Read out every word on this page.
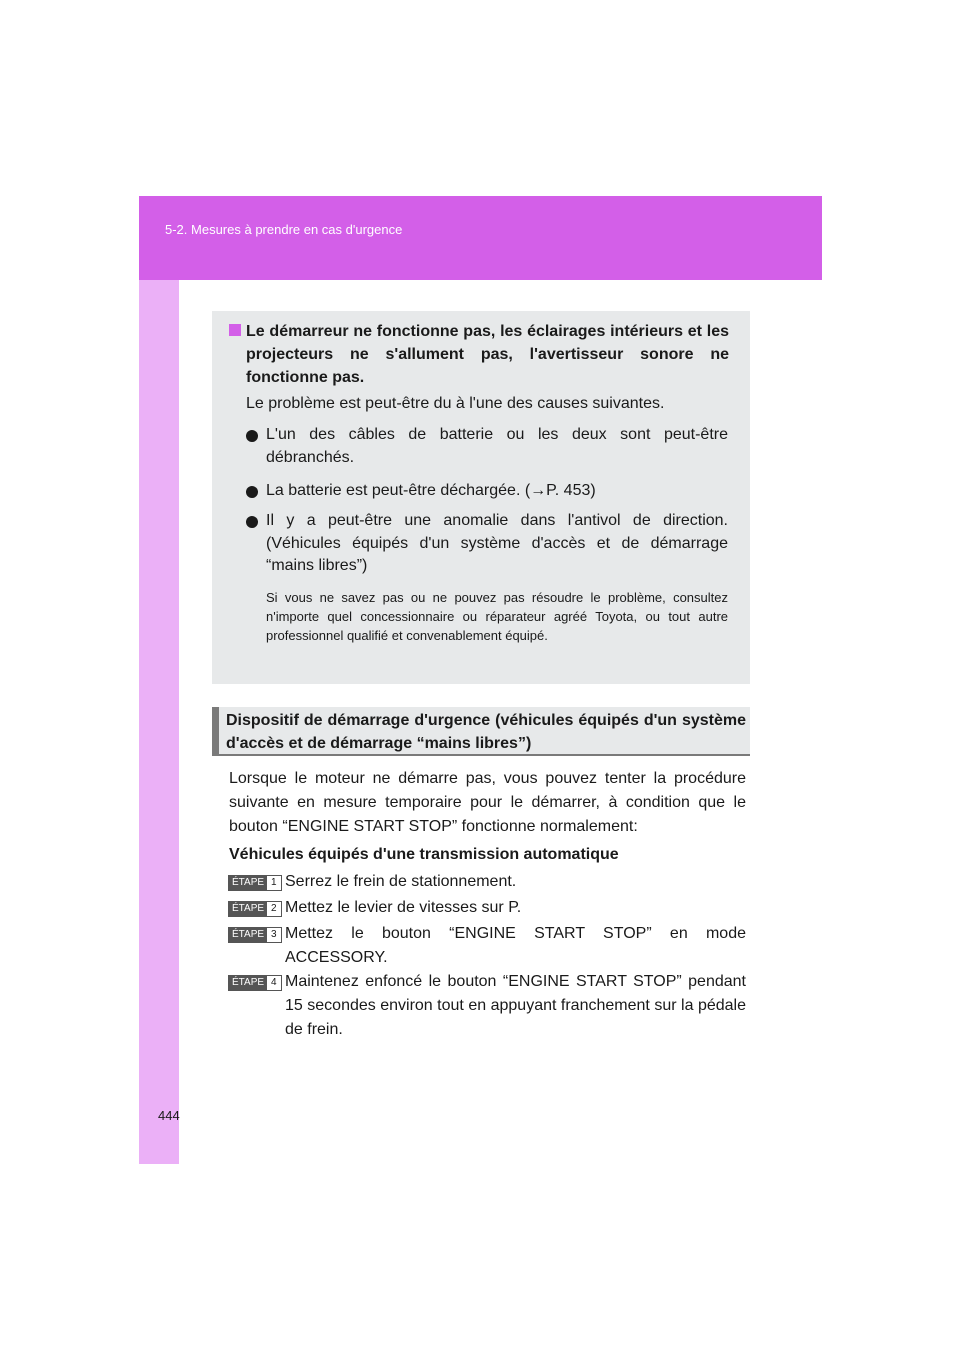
5-2. Mesures à prendre en cas d'urgence
444
Le démarreur ne fonctionne pas, les éclairages intérieurs et les projecteurs ne s'allument pas, l'avertisseur sonore ne fonctionne pas.
Le problème est peut-être du à l'une des causes suivantes.
L'un des câbles de batterie ou les deux sont peut-être débranchés.
La batterie est peut-être déchargée. (→P. 453)
Il y a peut-être une anomalie dans l'antivol de direction. (Véhicules équipés d'un système d'accès et de démarrage “mains libres”)
Si vous ne savez pas ou ne pouvez pas résoudre le problème, consultez n'importe quel concessionnaire ou réparateur agréé Toyota, ou tout autre professionnel qualifié et convenablement équipé.
Dispositif de démarrage d'urgence (véhicules équipés d'un système d'accès et de démarrage “mains libres”)
Lorsque le moteur ne démarre pas, vous pouvez tenter la procédure suivante en mesure temporaire pour le démarrer, à condition que le bouton “ENGINE START STOP” fonctionne normalement:
Véhicules équipés d'une transmission automatique
ÉTAPE 1 Serrez le frein de stationnement.
ÉTAPE 2 Mettez le levier de vitesses sur P.
ÉTAPE 3 Mettez le bouton “ENGINE START STOP” en mode ACCESSORY.
ÉTAPE 4 Maintenez enfoncé le bouton “ENGINE START STOP” pendant 15 secondes environ tout en appuyant franchement sur la pédale de frein.
